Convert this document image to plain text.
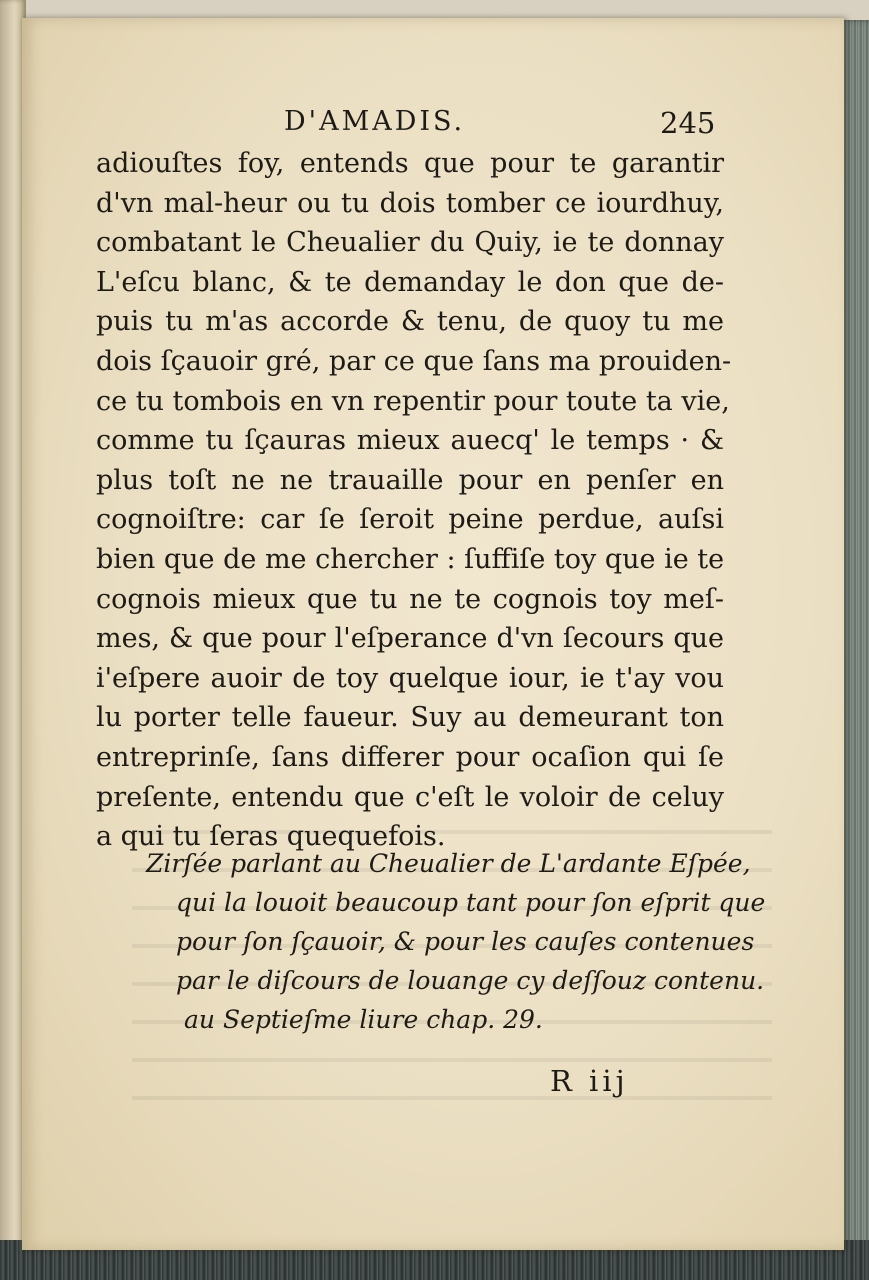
D'AMADIS.	245
adiouſtes foy, entends que pour te garantir
d'vn mal-heur ou tu dois tomber ce iourdhuy,
combatant le Cheualier du Quiy, ie te donnay
L'eſcu blanc, & te demanday le don que de-
puis tu m'as accorde & tenu, de quoy tu me
dois ſçauoir gré, par ce que ſans ma prouiden-
ce tu tombois en vn repentir pour toute ta vie,
comme tu ſçauras mieux auecq' le temps · &
plus toſt ne ne trauaille pour en penſer en
cognoiſtre: car ſe ſeroit peine perdue, auſsi
bien que de me chercher : ſuffiſe toy que ie te
cognois mieux que tu ne te cognois toy meſ-
mes, & que pour l'eſperance d'vn ſecours que
i'eſpere auoir de toy quelque iour, ie t'ay vou
lu porter telle faueur. Suy au demeurant ton
entreprinſe, ſans differer pour ocaſion qui ſe
preſente, entendu que c'eſt le voloir de celuy
a qui tu ſeras quequefois.
Zirſée parlant au Cheualier de L'ardante Eſpée,
qui la louoit beaucoup tant pour ſon eſprit que
pour ſon ſçauoir, & pour les cauſes contenues
par le diſcours de louange cy deſſouz contenu.
au Septieſme liure chap. 29.
R iij
